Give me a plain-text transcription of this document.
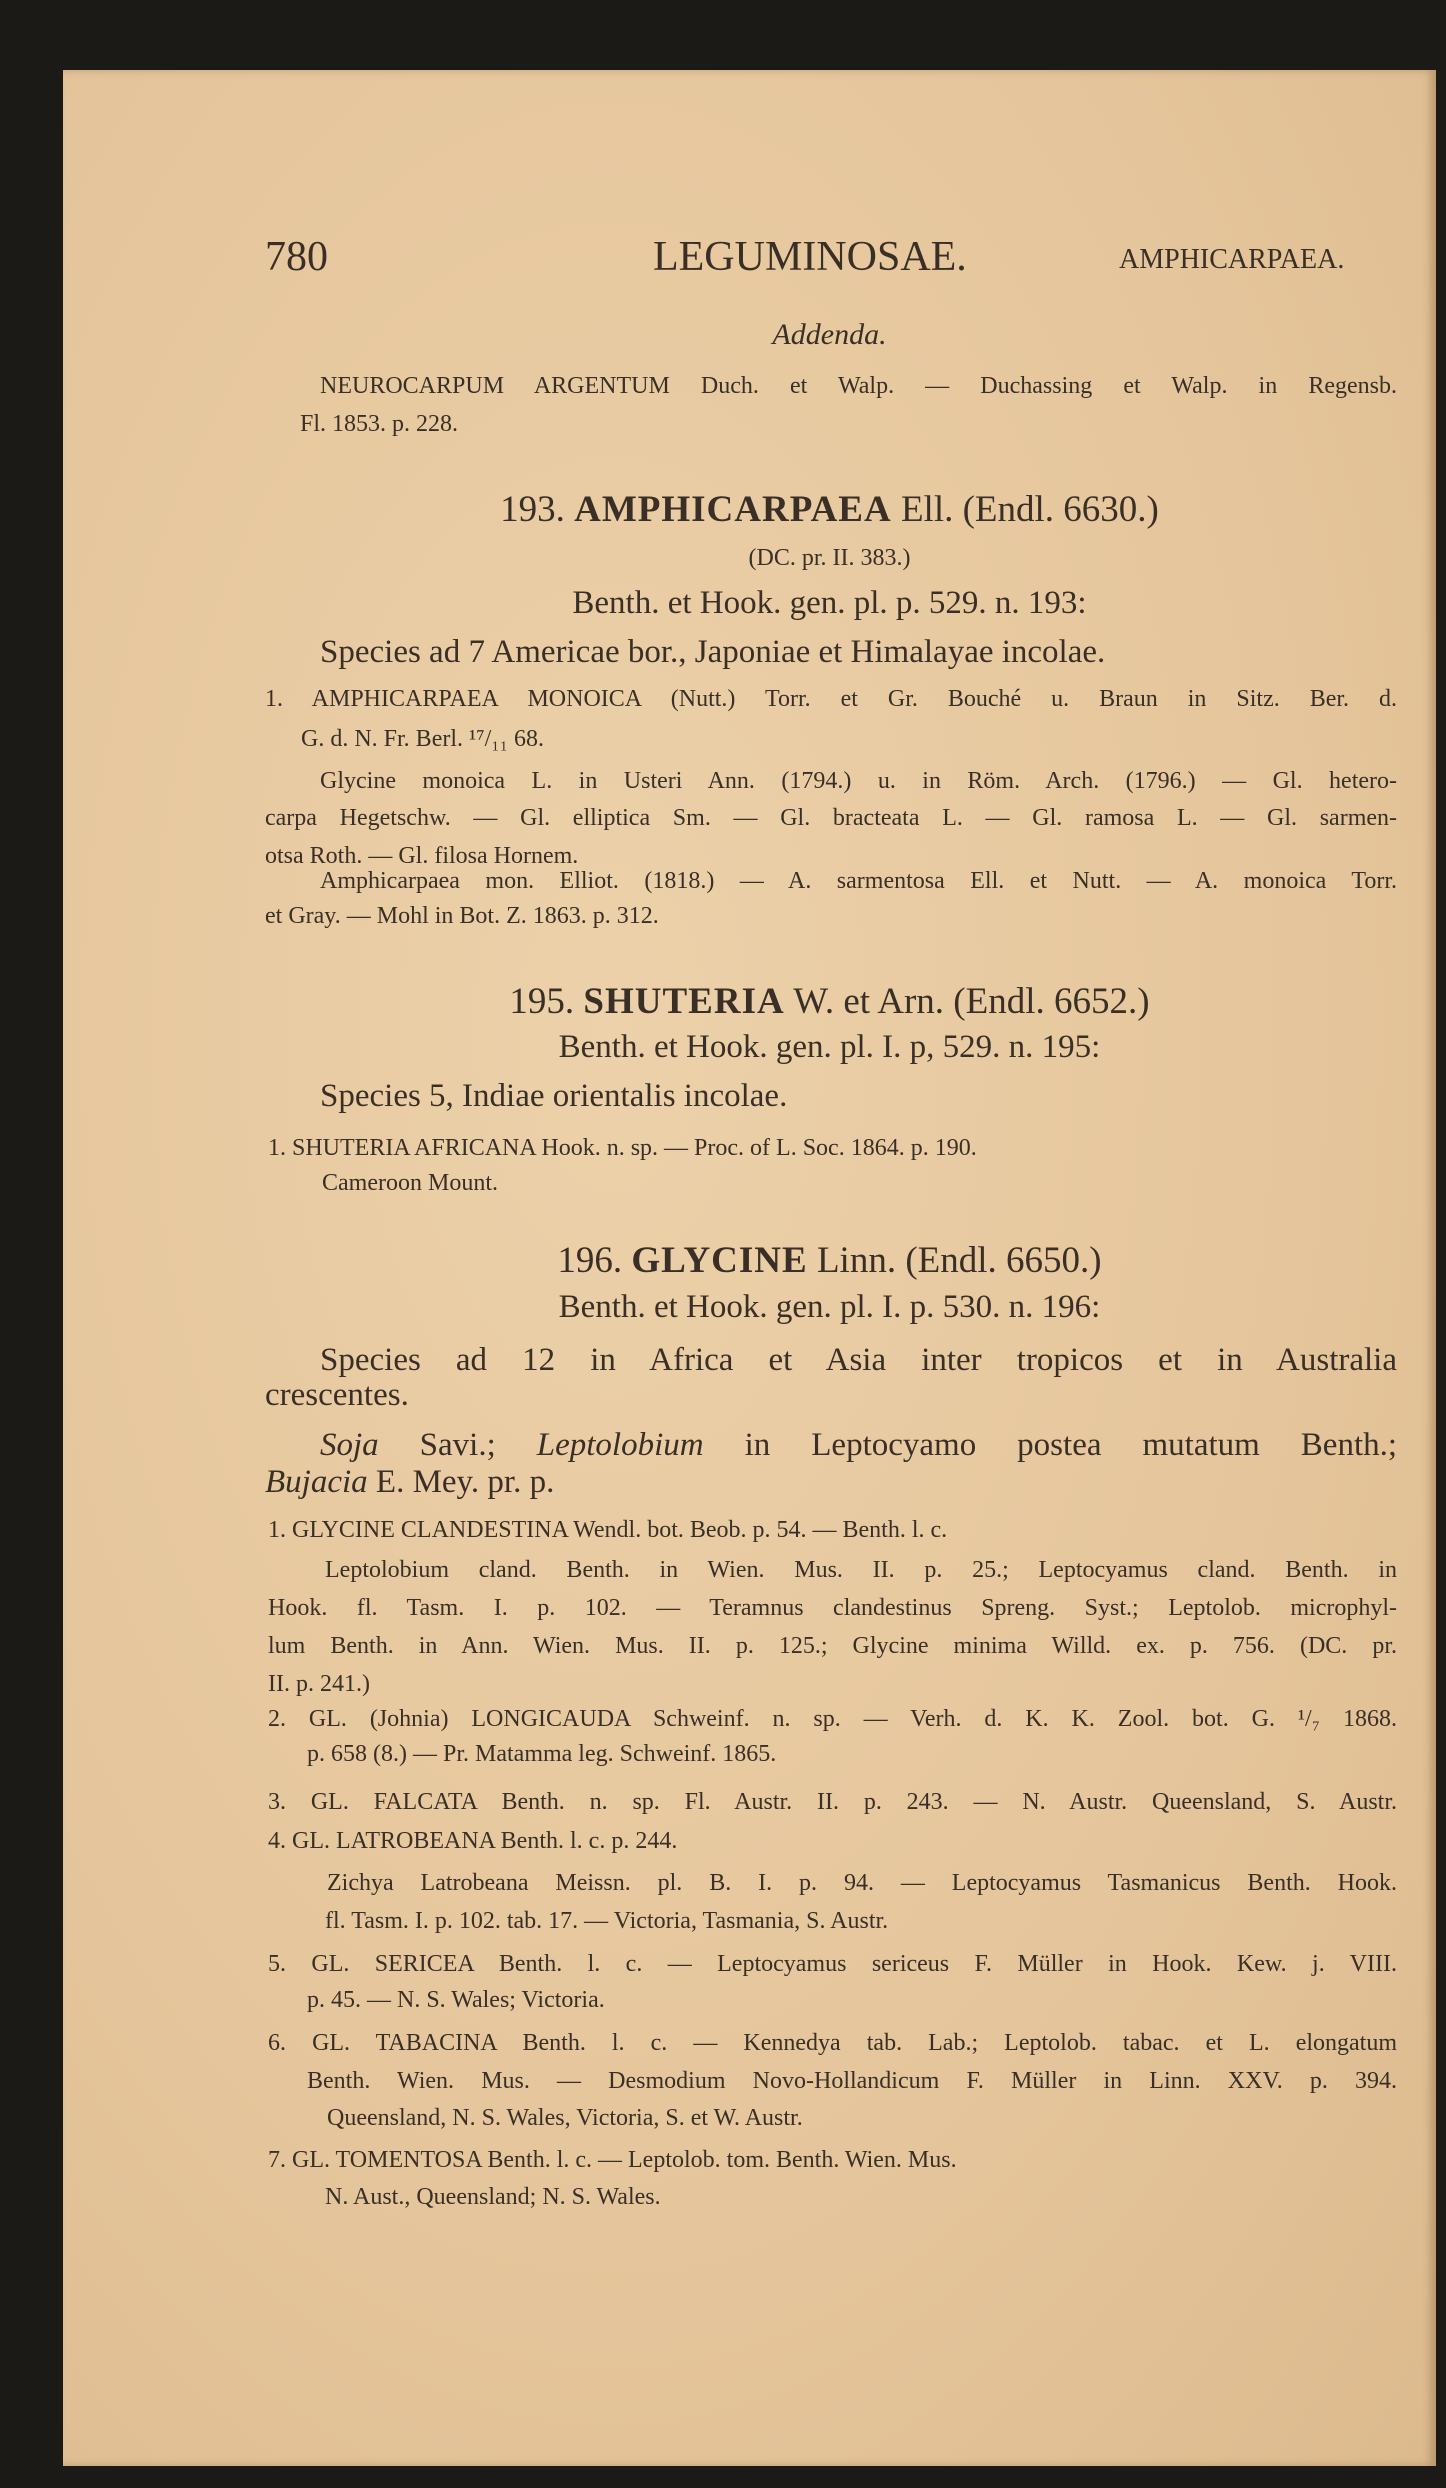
780	LEGUMINOSAE.	AMPHICARPAEA.
Addenda.
NEUROCARPUM ARGENTUM Duch. et Walp. — Duchassing et Walp. in Regensb.
Fl. 1853. p. 228.
193. AMPHICARPAEA Ell. (Endl. 6630.)
(DC. pr. II. 383.)
Benth. et Hook. gen. pl. p. 529. n. 193:
Species ad 7 Americae bor., Japoniae et Himalayae incolae.
1. AMPHICARPAEA MONOICA (Nutt.) Torr. et Gr. Bouché u. Braun in Sitz. Ber. d.
G. d. N. Fr. Berl. ¹⁷/₁₁ 68.
Glycine monoica L. in Usteri Ann. (1794.) u. in Röm. Arch. (1796.) — Gl. hetero-
carpa Hegetschw. — Gl. elliptica Sm. — Gl. bracteata L. — Gl. ramosa L. — Gl. sarmen-
otsa Roth. — Gl. filosa Hornem.
Amphicarpaea mon. Elliot. (1818.) — A. sarmentosa Ell. et Nutt. — A. monoica Torr.
et Gray. — Mohl in Bot. Z. 1863. p. 312.
195. SHUTERIA W. et Arn. (Endl. 6652.)
Benth. et Hook. gen. pl. I. p, 529. n. 195:
Species 5, Indiae orientalis incolae.
1. SHUTERIA AFRICANA Hook. n. sp. — Proc. of L. Soc. 1864. p. 190.
Cameroon Mount.
196. GLYCINE Linn. (Endl. 6650.)
Benth. et Hook. gen. pl. I. p. 530. n. 196:
Species ad 12 in Africa et Asia inter tropicos et in Australia
crescentes.
Soja Savi.; Leptolobium in Leptocyamo postea mutatum Benth.;
Bujacia E. Mey. pr. p.
1. GLYCINE CLANDESTINA Wendl. bot. Beob. p. 54. — Benth. l. c.
Leptolobium cland. Benth. in Wien. Mus. II. p. 25.; Leptocyamus cland. Benth. in
Hook. fl. Tasm. I. p. 102. — Teramnus clandestinus Spreng. Syst.; Leptolob. microphyl-
lum Benth. in Ann. Wien. Mus. II. p. 125.; Glycine minima Willd. ex. p. 756. (DC. pr.
II. p. 241.)
2. GL. (Johnia) LONGICAUDA Schweinf. n. sp. — Verh. d. K. K. Zool. bot. G. ¹/₇ 1868.
p. 658 (8.) — Pr. Matamma leg. Schweinf. 1865.
3. GL. FALCATA Benth. n. sp. Fl. Austr. II. p. 243. — N. Austr. Queensland, S. Austr.
4. GL. LATROBEANA Benth. l. c. p. 244.
Zichya Latrobeana Meissn. pl. B. I. p. 94. — Leptocyamus Tasmanicus Benth. Hook.
fl. Tasm. I. p. 102. tab. 17. — Victoria, Tasmania, S. Austr.
5. GL. SERICEA Benth. l. c. — Leptocyamus sericeus F. Müller in Hook. Kew. j. VIII.
p. 45. — N. S. Wales; Victoria.
6. GL. TABACINA Benth. l. c. — Kennedya tab. Lab.; Leptolob. tabac. et L. elongatum
Benth. Wien. Mus. — Desmodium Novo-Hollandicum F. Müller in Linn. XXV. p. 394.
Queensland, N. S. Wales, Victoria, S. et W. Austr.
7. GL. TOMENTOSA Benth. l. c. — Leptolob. tom. Benth. Wien. Mus.
N. Aust., Queensland; N. S. Wales.
